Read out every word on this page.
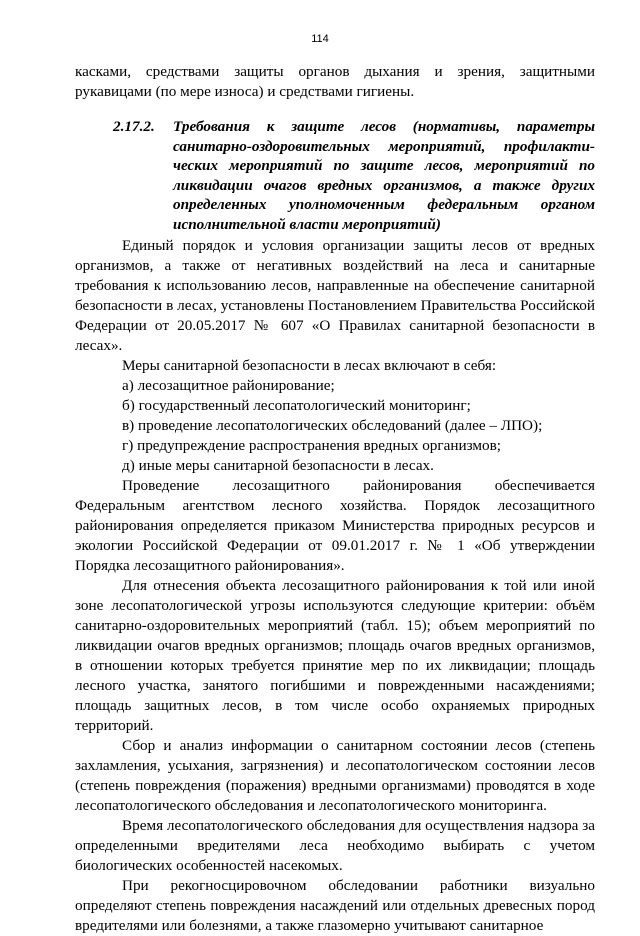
114

касками, средствами защиты органов дыхания и зрения, защитными рукавицами (по мере износа) и средствами гигиены.

2.17.2. Требования к защите лесов (нормативы, параметры санитарно-оздоровительных мероприятий, профилакти-ческих мероприятий по защите лесов, мероприятий по ликвидации очагов вредных организмов, а также других определенных уполномоченным федеральным органом исполнительной власти мероприятий)

Единый порядок и условия организации защиты лесов от вредных организмов, а также от негативных воздействий на леса и санитарные требования к использованию лесов, направленные на обеспечение санитарной безопасности в лесах, установлены Постановлением Правительства Российской Федерации от 20.05.2017 № 607 «О Правилах санитарной безопасности в лесах».

Меры санитарной безопасности в лесах включают в себя:

а) лесозащитное районирование;

б) государственный лесопатологический мониторинг;

в) проведение лесопатологических обследований (далее – ЛПО);

г) предупреждение распространения вредных организмов;

д) иные меры санитарной безопасности в лесах.

Проведение лесозащитного районирования обеспечивается Федеральным агентством лесного хозяйства. Порядок лесозащитного районирования определяется приказом Министерства природных ресурсов и экологии Российской Федерации от 09.01.2017 г. № 1 «Об утверждении Порядка лесозащитного районирования».

Для отнесения объекта лесозащитного районирования к той или иной зоне лесопатологической угрозы используются следующие критерии: объём санитарно-оздоровительных мероприятий (табл. 15); объем мероприятий по ликвидации очагов вредных организмов; площадь очагов вредных организмов, в отношении которых требуется принятие мер по их ликвидации; площадь лесного участка, занятого погибшими и поврежденными насаждениями; площадь защитных лесов, в том числе особо охраняемых природных территорий.

Сбор и анализ информации о санитарном состоянии лесов (степень захламления, усыхания, загрязнения) и лесопатологическом состоянии лесов (степень повреждения (поражения) вредными организмами) проводятся в ходе лесопатологического обследования и лесопатологического мониторинга.

Время лесопатологического обследования для осуществления надзора за определенными вредителями леса необходимо выбирать с учетом биологических особенностей насекомых.

При рекогносцировочном обследовании работники визуально определяют степень повреждения насаждений или отдельных древесных пород вредителями или болезнями, а также глазомерно учитывают санитарное
